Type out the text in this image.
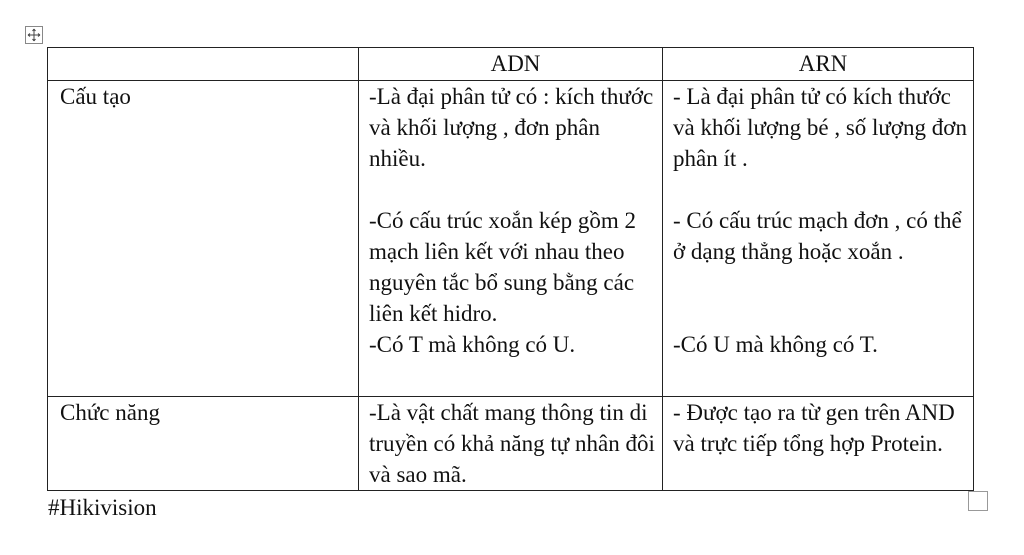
	ADN	ARN
Cấu tạo	-Là đại phân tử có : kích thước và khối lượng , đơn phân nhiều.
-Có cấu trúc xoắn kép gồm 2 mạch liên kết với nhau theo nguyên tắc bổ sung bằng các liên kết hidro.
-Có T mà không có U.	- Là đại phân tử có kích thước và khối lượng bé , số lượng đơn phân ít .
- Có cấu trúc mạch đơn , có thể ở dạng thẳng hoặc xoắn .
-Có U mà không có T.

Chức năng	-Là vật chất mang thông tin di truyền có khả năng tự nhân đôi và sao mã.	- Được tạo ra từ gen trên AND và trực tiếp tổng hợp Protein.
#Hikivision
